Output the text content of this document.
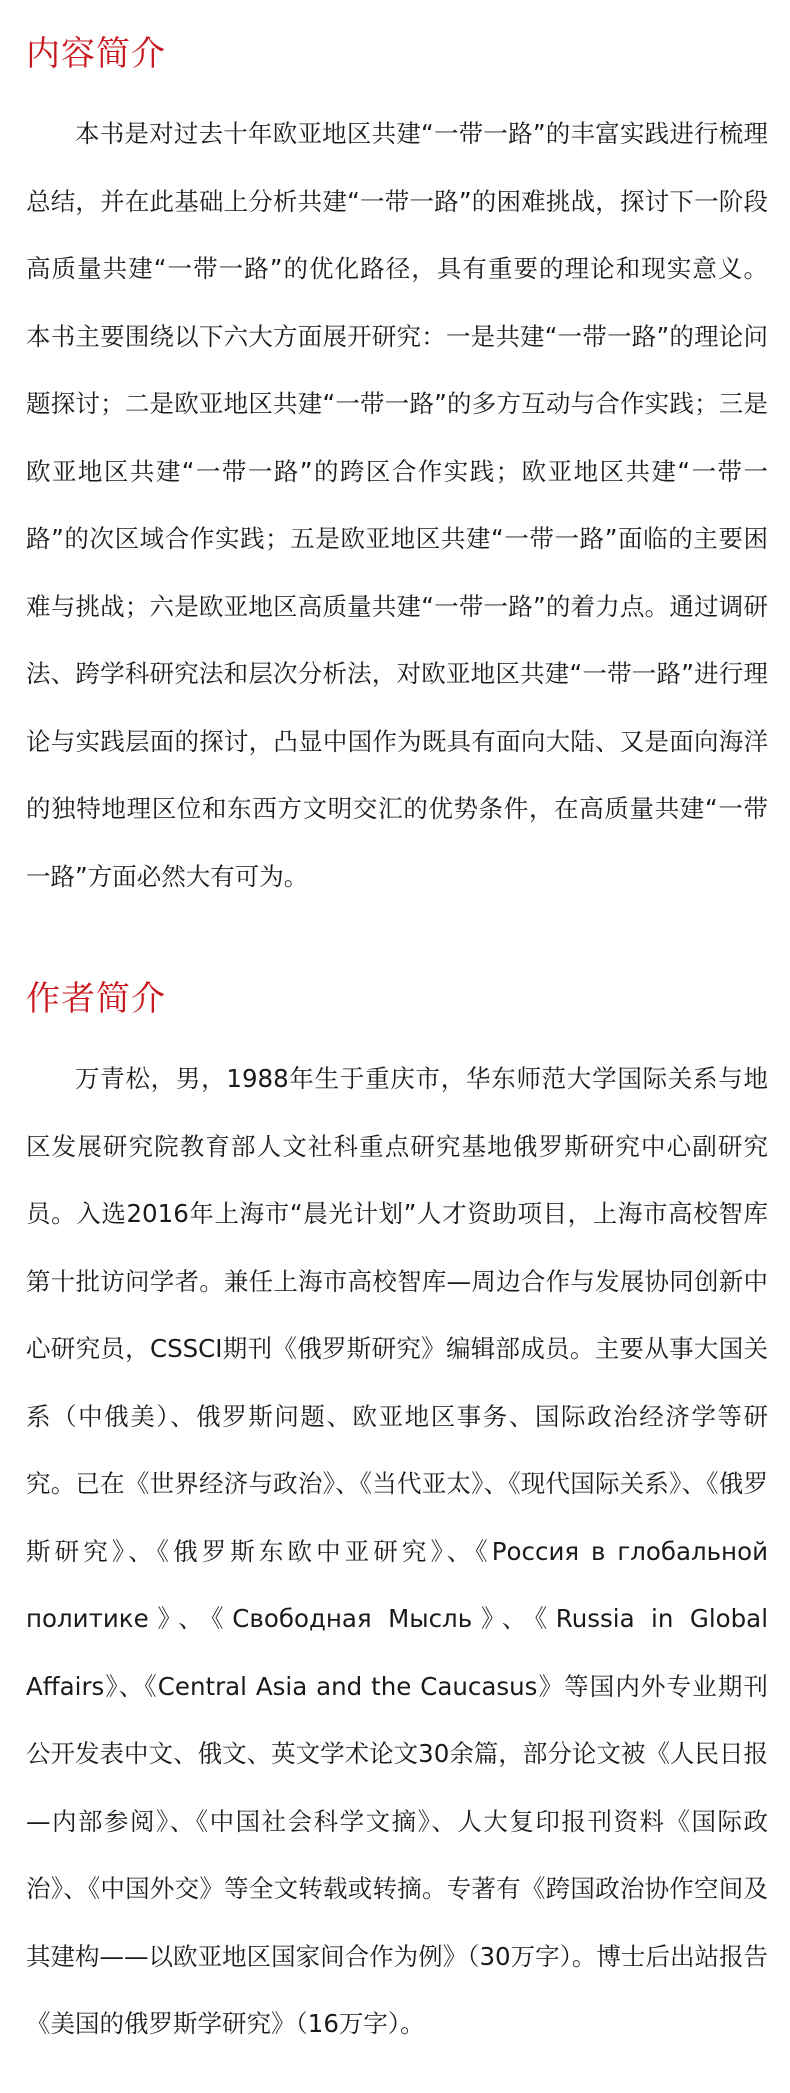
内容简介

本书是对过去十年欧亚地区共建“一带一路”的丰富实践进行梳理总结，并在此基础上分析共建“一带一路”的困难挑战，探讨下一阶段高质量共建“一带一路”的优化路径，具有重要的理论和现实意义。 本书主要围绕以下六大方面展开研究：一是共建“一带一路”的理论问题探讨；二是欧亚地区共建“一带一路”的多方互动与合作实践；三是欧亚地区共建“一带一路”的跨区合作实践；欧亚地区共建“一带一路”的次区域合作实践；五是欧亚地区共建“一带一路”面临的主要困难与挑战；六是欧亚地区高质量共建“一带一路”的着力点。通过调研法、跨学科研究法和层次分析法，对欧亚地区共建“一带一路”进行理论与实践层面的探讨，凸显中国作为既具有面向大陆、又是面向海洋的独特地理区位和东西方文明交汇的优势条件，在高质量共建“一带一路”方面必然大有可为。

作者简介

万青松，男，1988年生于重庆市，华东师范大学国际关系与地区发展研究院教育部人文社科重点研究基地俄罗斯研究中心副研究员。入选2016年上海市“晨光计划”人才资助项目，上海市高校智库第十批访问学者。兼任上海市高校智库—周边合作与发展协同创新中心研究员，CSSCI期刊《俄罗斯研究》编辑部成员。主要从事大国关系（中俄美）、俄罗斯问题、欧亚地区事务、国际政治经济学等研究。已在《世界经济与政治》、《当代亚太》、《现代国际关系》、《俄罗斯研究》、《俄罗斯东欧中亚研究》、《Россия в глобальной политике》、《Свободная Мысль》、《Russia in Global Affairs》、《Central Asia and the Caucasus》等国内外专业期刊公开发表中文、俄文、英文学术论文30余篇，部分论文被《人民日报—内部参阅》、《中国社会科学文摘》、人大复印报刊资料《国际政治》、《中国外交》等全文转载或转摘。专著有《跨国政治协作空间及其建构——以欧亚地区国家间合作为例》（30万字）。博士后出站报告《美国的俄罗斯学研究》（16万字）。
